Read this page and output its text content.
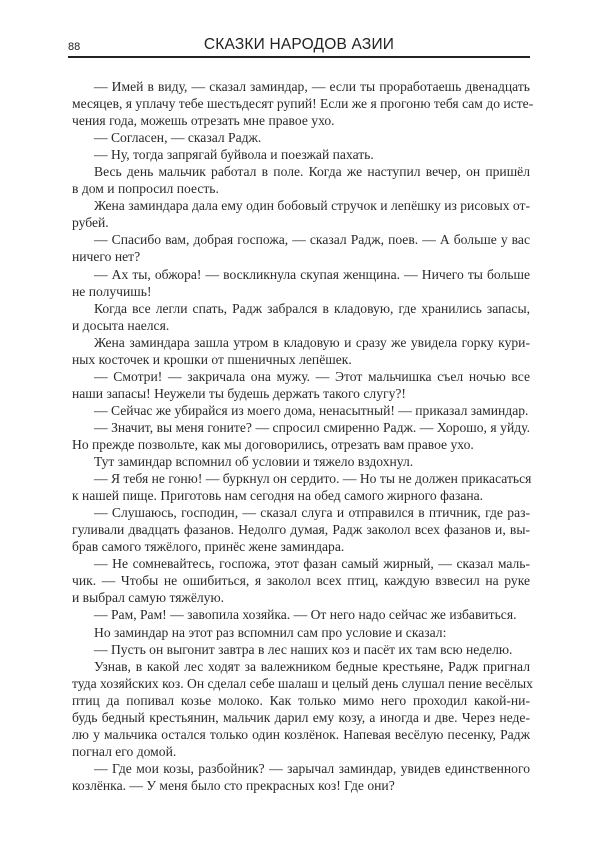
88	СКАЗКИ НАРОДОВ АЗИИ
— Имей в виду, — сказал заминдар, — если ты проработаешь двенадцать
месяцев, я уплачу тебе шестьдесят рупий! Если же я прогоню тебя сам до исте-
чения года, можешь отрезать мне правое ухо.
— Согласен, — сказал Радж.
— Ну, тогда запрягай буйвола и поезжай пахать.
Весь день мальчик работал в поле. Когда же наступил вечер, он пришёл
в дом и попросил поесть.
Жена заминдара дала ему один бобовый стручок и лепёшку из рисовых от-
рубей.
— Спасибо вам, добрая госпожа, — сказал Радж, поев. — А больше у вас
ничего нет?
— Ах ты, обжора! — воскликнула скупая женщина. — Ничего ты больше
не получишь!
Когда все легли спать, Радж забрался в кладовую, где хранились запасы,
и досыта наелся.
Жена заминдара зашла утром в кладовую и сразу же увидела горку кури-
ных косточек и крошки от пшеничных лепёшек.
— Смотри! — закричала она мужу. — Этот мальчишка съел ночью все
наши запасы! Неужели ты будешь держать такого слугу?!
— Сейчас же убирайся из моего дома, ненасытный! — приказал заминдар.
— Значит, вы меня гоните? — спросил смиренно Радж. — Хорошо, я уйду.
Но прежде позвольте, как мы договорились, отрезать вам правое ухо.
Тут заминдар вспомнил об условии и тяжело вздохнул.
— Я тебя не гоню! — буркнул он сердито. — Но ты не должен прикасаться
к нашей пище. Приготовь нам сегодня на обед самого жирного фазана.
— Слушаюсь, господин, — сказал слуга и отправился в птичник, где раз-
гуливали двадцать фазанов. Недолго думая, Радж заколол всех фазанов и, вы-
брав самого тяжёлого, принёс жене заминдара.
— Не сомневайтесь, госпожа, этот фазан самый жирный, — сказал маль-
чик. — Чтобы не ошибиться, я заколол всех птиц, каждую взвесил на руке
и выбрал самую тяжёлую.
— Рам, Рам! — завопила хозяйка. — От него надо сейчас же избавиться.
Но заминдар на этот раз вспомнил сам про условие и сказал:
— Пусть он выгонит завтра в лес наших коз и пасёт их там всю неделю.
Узнав, в какой лес ходят за валежником бедные крестьяне, Радж пригнал
туда хозяйских коз. Он сделал себе шалаш и целый день слушал пение весёлых
птиц да попивал козье молоко. Как только мимо него проходил какой-ни-
будь бедный крестьянин, мальчик дарил ему козу, а иногда и две. Через неде-
лю у мальчика остался только один козлёнок. Напевая весёлую песенку, Радж
погнал его домой.
— Где мои козы, разбойник? — зарычал заминдар, увидев единственного
козлёнка. — У меня было сто прекрасных коз! Где они?
